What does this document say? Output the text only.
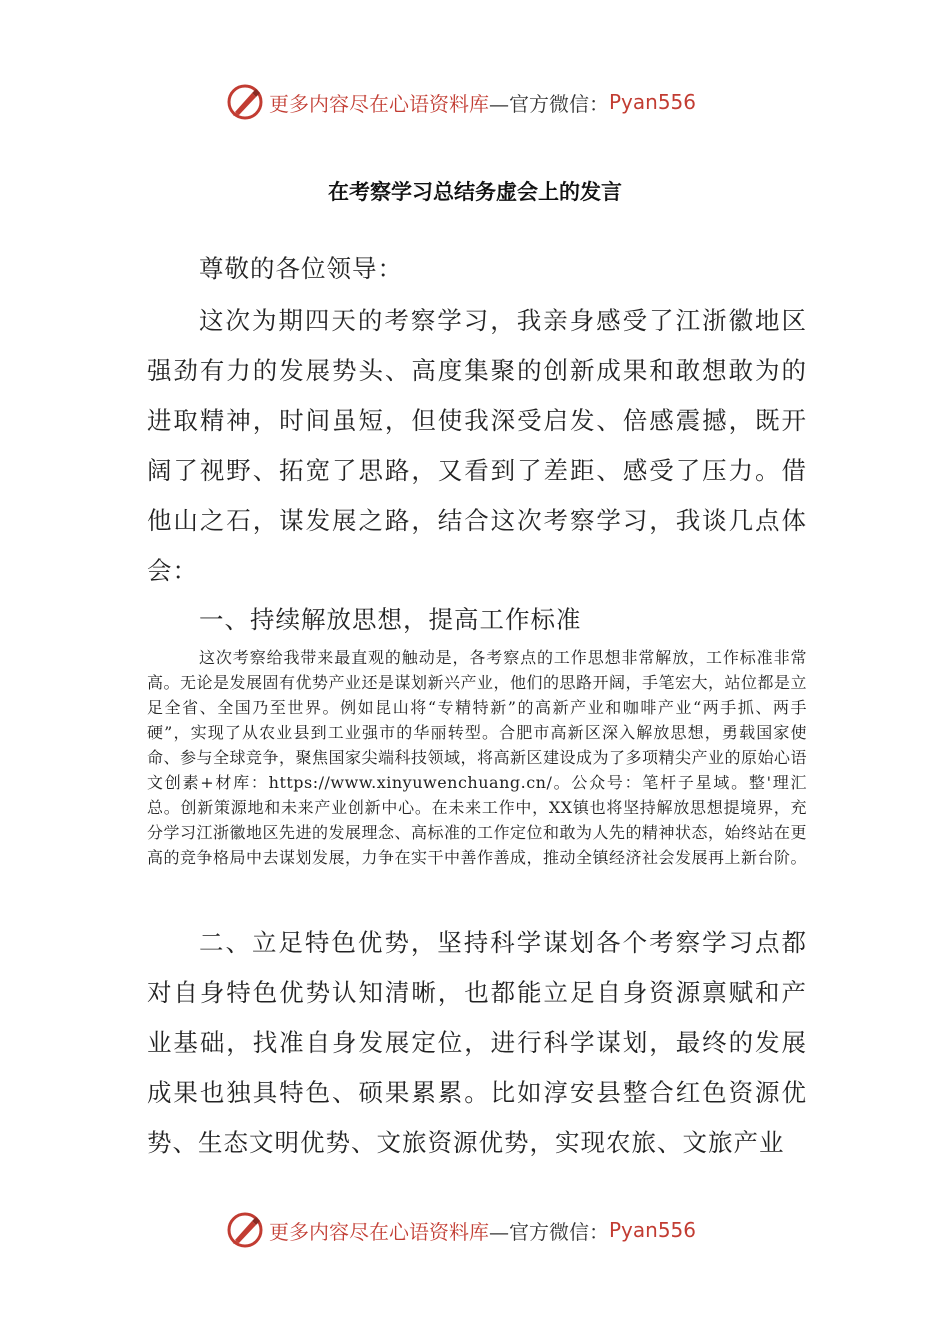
更多内容尽在心语资料库 —官方微信： Pyan556
在考察学习总结务虚会上的发言

尊敬的各位领导：

这次为期四天的考察学习，我亲身感受了江浙徽地区强劲有力的发展势头、高度集聚的创新成果和敢想敢为的进取精神，时间虽短，但使我深受启发、倍感震撼，既开阔了视野、拓宽了思路，又看到了差距、感受了压力。借他山之石，谋发展之路，结合这次考察学习，我谈几点体会：

一、持续解放思想，提高工作标准

这次考察给我带来最直观的触动是，各考察点的工作思想非常解放，工作标准非常高。无论是发展固有优势产业还是谋划新兴产业，他们的思路开阔，手笔宏大，站位都是立足全省、全国乃至世界。例如昆山将“专精特新”的高新产业和咖啡产业“两手抓、两手硬”，实现了从农业县到工业强市的华丽转型。合肥市高新区深入解放思想，勇载国家使命、参与全球竞争，聚焦国家尖端科技领域，将高新区建设成为了多项精尖产业的原始心语文创素+材库：https://www.xinyuwenchuang.cn/。公众号：笔杆子星域。整'理汇总。创新策源地和未来产业创新中心。在未来工作中，XX镇也将坚持解放思想提境界，充分学习江浙徽地区先进的发展理念、高标准的工作定位和敢为人先的精神状态，始终站在更高的竞争格局中去谋划发展，力争在实干中善作善成，推动全镇经济社会发展再上新台阶。

二、立足特色优势，坚持科学谋划各个考察学习点都对自身特色优势认知清晰，也都能立足自身资源禀赋和产业基础，找准自身发展定位，进行科学谋划，最终的发展成果也独具特色、硕果累累。比如淳安县整合红色资源优势、生态文明优势、文旅资源优势，实现农旅、文旅产业

更多内容尽在心语资料库 —官方微信： Pyan556
